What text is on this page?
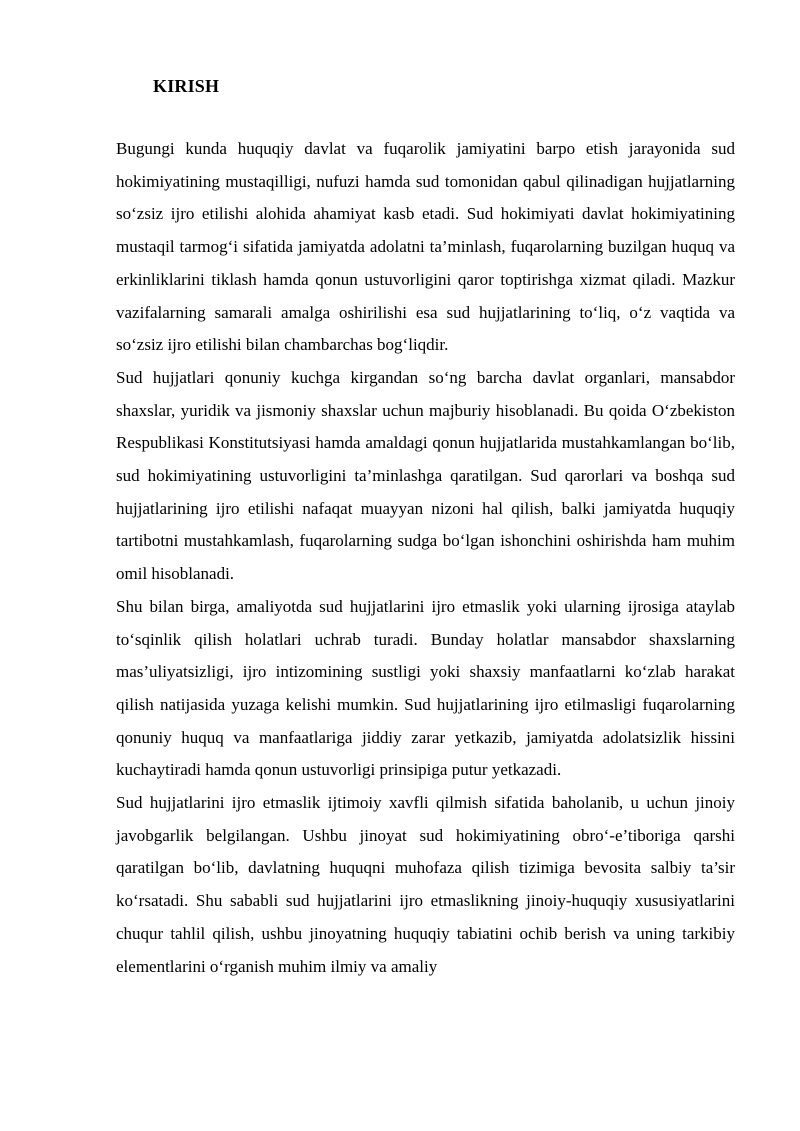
KIRISH

Bugungi kunda huquqiy davlat va fuqarolik jamiyatini barpo etish jarayonida sud hokimiyatining mustaqilligi, nufuzi hamda sud tomonidan qabul qilinadigan hujjatlarning so‘zsiz ijro etilishi alohida ahamiyat kasb etadi. Sud hokimiyati davlat hokimiyatining mustaqil tarmog‘i sifatida jamiyatda adolatni ta’minlash, fuqarolarning buzilgan huquq va erkinliklarini tiklash hamda qonun ustuvorligini qaror toptirishga xizmat qiladi. Mazkur vazifalarning samarali amalga oshirilishi esa sud hujjatlarining to‘liq, o‘z vaqtida va so‘zsiz ijro etilishi bilan chambarchas bog‘liqdir.

Sud hujjatlari qonuniy kuchga kirgandan so‘ng barcha davlat organlari, mansabdor shaxslar, yuridik va jismoniy shaxslar uchun majburiy hisoblanadi. Bu qoida O‘zbekiston Respublikasi Konstitutsiyasi hamda amaldagi qonun hujjatlarida mustahkamlangan bo‘lib, sud hokimiyatining ustuvorligini ta’minlashga qaratilgan. Sud qarorlari va boshqa sud hujjatlarining ijro etilishi nafaqat muayyan nizoni hal qilish, balki jamiyatda huquqiy tartibotni mustahkamlash, fuqarolarning sudga bo‘lgan ishonchini oshirishda ham muhim omil hisoblanadi.

Shu bilan birga, amaliyotda sud hujjatlarini ijro etmaslik yoki ularning ijrosiga ataylab to‘sqinlik qilish holatlari uchrab turadi. Bunday holatlar mansabdor shaxslarning mas’uliyatsizligi, ijro intizomining sustligi yoki shaxsiy manfaatlarni ko‘zlab harakat qilish natijasida yuzaga kelishi mumkin. Sud hujjatlarining ijro etilmasligi fuqarolarning qonuniy huquq va manfaatlariga jiddiy zarar yetkazib, jamiyatda adolatsizlik hissini kuchaytiradi hamda qonun ustuvorligi prinsipiga putur yetkazadi.

Sud hujjatlarini ijro etmaslik ijtimoiy xavfli qilmish sifatida baholanib, u uchun jinoiy javobgarlik belgilangan. Ushbu jinoyat sud hokimiyatining obro‘-e’tiboriga qarshi qaratilgan bo‘lib, davlatning huquqni muhofaza qilish tizimiga bevosita salbiy ta’sir ko‘rsatadi. Shu sababli sud hujjatlarini ijro etmaslikning jinoiy-huquqiy xususiyatlarini chuqur tahlil qilish, ushbu jinoyatning huquqiy tabiatini ochib berish va uning tarkibiy elementlarini o‘rganish muhim ilmiy va amaliy
